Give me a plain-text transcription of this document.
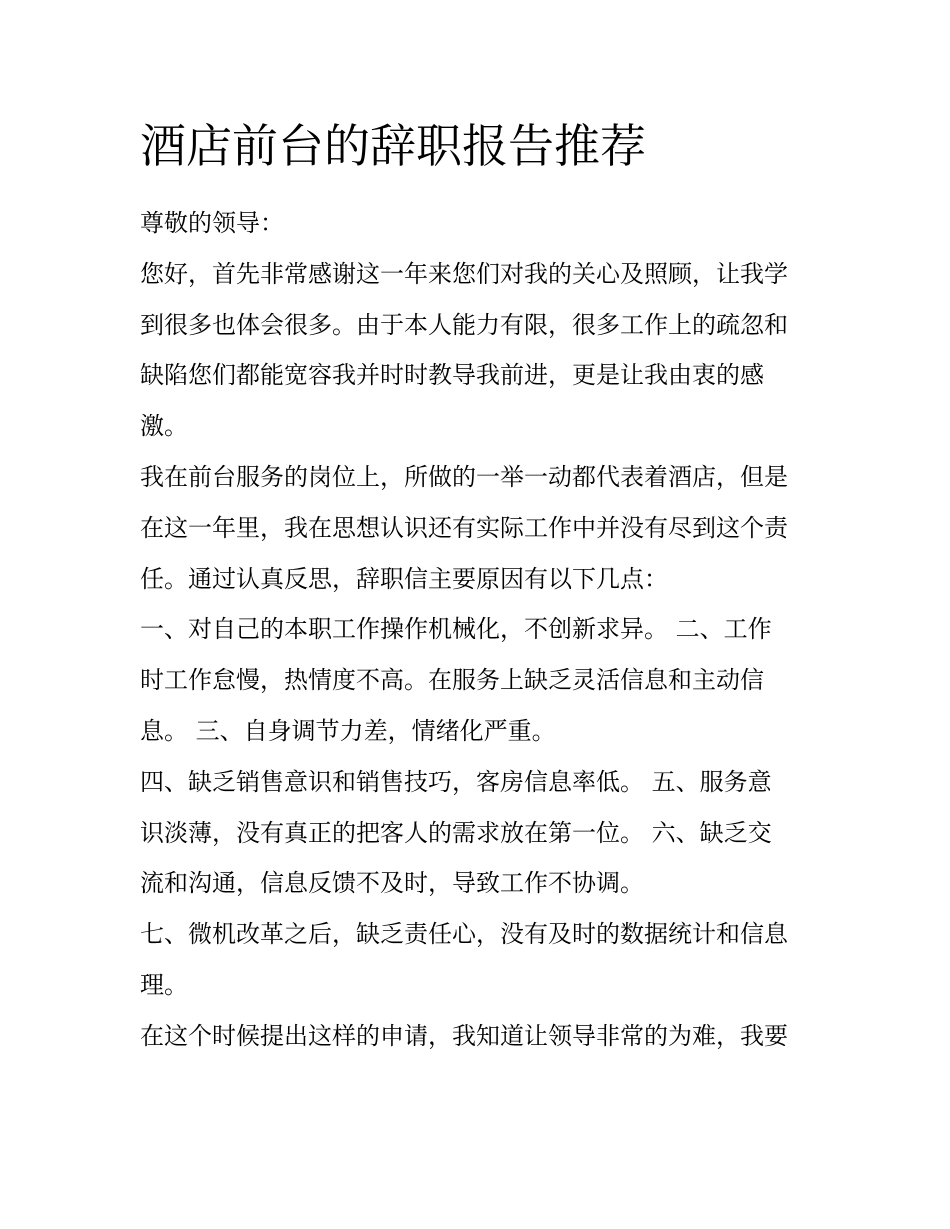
酒店前台的辞职报告推荐

尊敬的领导：

您好，首先非常感谢这一年来您们对我的关心及照顾，让我学

到很多也体会很多。由于本人能力有限，很多工作上的疏忽和

缺陷您们都能宽容我并时时教导我前进，更是让我由衷的感

激。

我在前台服务的岗位上，所做的一举一动都代表着酒店，但是

在这一年里，我在思想认识还有实际工作中并没有尽到这个责

任。通过认真反思，辞职信主要原因有以下几点：

一、对自己的本职工作操作机械化，不创新求异。 二、工作

时工作怠慢，热情度不高。在服务上缺乏灵活信息和主动信

息。 三、自身调节力差，情绪化严重。

四、缺乏销售意识和销售技巧，客房信息率低。 五、服务意

识淡薄，没有真正的把客人的需求放在第一位。 六、缺乏交

流和沟通，信息反馈不及时，导致工作不协调。

七、微机改革之后，缺乏责任心，没有及时的数据统计和信息

理。

在这个时候提出这样的申请，我知道让领导非常的为难，我要
